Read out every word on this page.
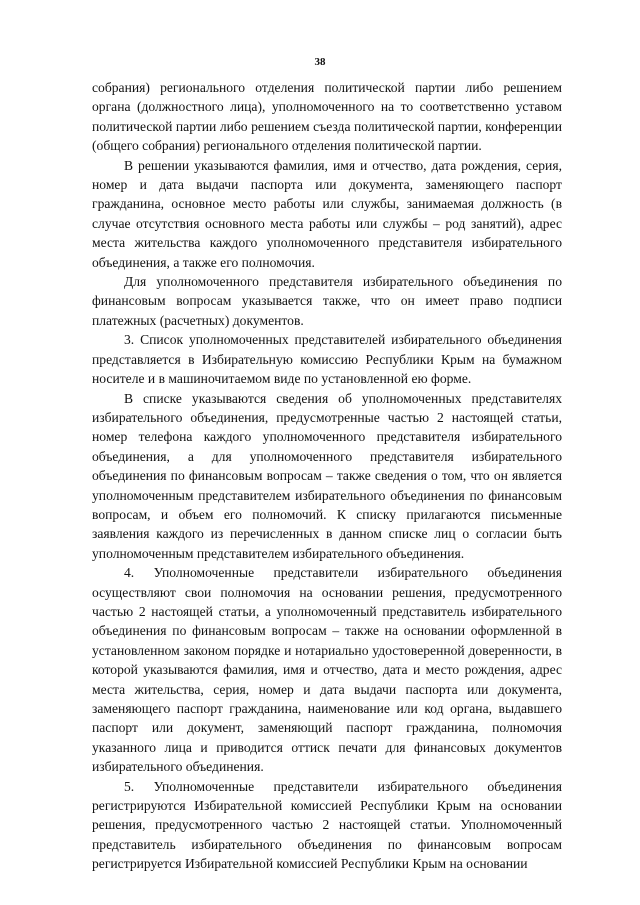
38

собрания) регионального отделения политической партии либо решением органа (должностного лица), уполномоченного на то соответственно уставом политической партии либо решением съезда политической партии, конференции (общего собрания) регионального отделения политической партии.

В решении указываются фамилия, имя и отчество, дата рождения, серия, номер и дата выдачи паспорта или документа, заменяющего паспорт гражданина, основное место работы или службы, занимаемая должность (в случае отсутствия основного места работы или службы – род занятий), адрес места жительства каждого уполномоченного представителя избирательного объединения, а также его полномочия.

Для уполномоченного представителя избирательного объединения по финансовым вопросам указывается также, что он имеет право подписи платежных (расчетных) документов.

3. Список уполномоченных представителей избирательного объединения представляется в Избирательную комиссию Республики Крым на бумажном носителе и в машиночитаемом виде по установленной ею форме.

В списке указываются сведения об уполномоченных представителях избирательного объединения, предусмотренные частью 2 настоящей статьи, номер телефона каждого уполномоченного представителя избирательного объединения, а для уполномоченного представителя избирательного объединения по финансовым вопросам – также сведения о том, что он является уполномоченным представителем избирательного объединения по финансовым вопросам, и объем его полномочий. К списку прилагаются письменные заявления каждого из перечисленных в данном списке лиц о согласии быть уполномоченным представителем избирательного объединения.

4. Уполномоченные представители избирательного объединения осуществляют свои полномочия на основании решения, предусмотренного частью 2 настоящей статьи, а уполномоченный представитель избирательного объединения по финансовым вопросам – также на основании оформленной в установленном законом порядке и нотариально удостоверенной доверенности, в которой указываются фамилия, имя и отчество, дата и место рождения, адрес места жительства, серия, номер и дата выдачи паспорта или документа, заменяющего паспорт гражданина, наименование или код органа, выдавшего паспорт или документ, заменяющий паспорт гражданина, полномочия указанного лица и приводится оттиск печати для финансовых документов избирательного объединения.

5. Уполномоченные представители избирательного объединения регистрируются Избирательной комиссией Республики Крым на основании решения, предусмотренного частью 2 настоящей статьи. Уполномоченный представитель избирательного объединения по финансовым вопросам регистрируется Избирательной комиссией Республики Крым на основании
